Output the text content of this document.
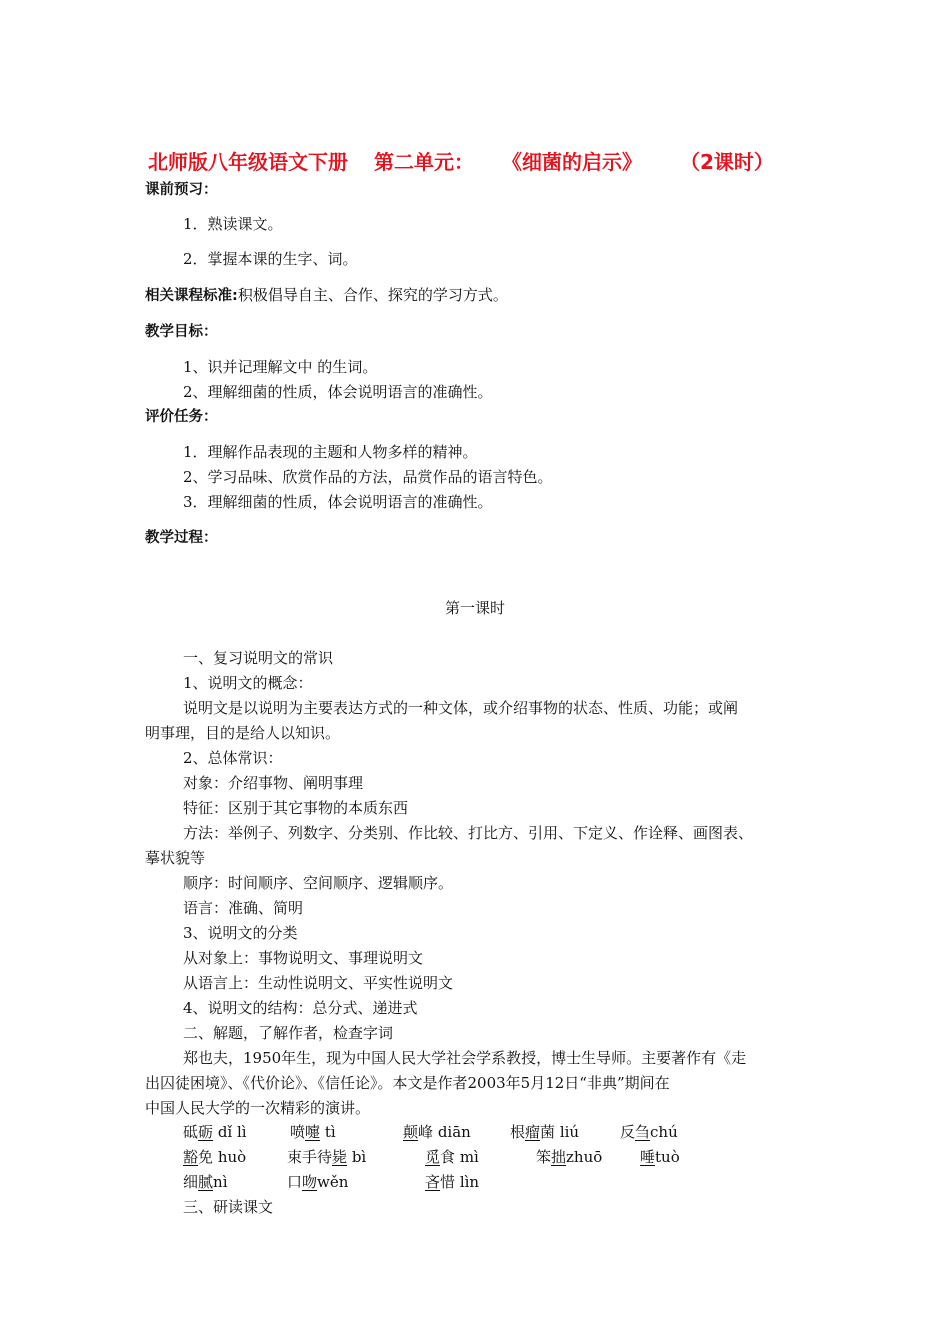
北师版八年级语文下册 第二单元： 《细菌的启示》 （2课时）
课前预习：
1．熟读课文。
2．掌握本课的生字、词。
相关课程标准:积极倡导自主、合作、探究的学习方式。
教学目标：
1、识并记理解文中 的生词。
2、理解细菌的性质，体会说明语言的准确性。
评价任务：
1．理解作品表现的主题和人物多样的精神。
2、学习品味、欣赏作品的方法，品赏作品的语言特色。
3．理解细菌的性质，体会说明语言的准确性。
教学过程：
第一课时
一、复习说明文的常识
1、说明文的概念：
说明文是以说明为主要表达方式的一种文体，或介绍事物的状态、性质、功能；或阐
明事理，目的是给人以知识。
2、总体常识：
对象：介绍事物、阐明事理
特征：区别于其它事物的本质东西
方法：举例子、列数字、分类别、作比较、打比方、引用、下定义、作诠释、画图表、
摹状貌等
顺序：时间顺序、空间顺序、逻辑顺序。
语言：准确、简明
3、说明文的分类
从对象上：事物说明文、事理说明文
从语言上：生动性说明文、平实性说明文
4、说明文的结构：总分式、递进式
二、解题，了解作者，检查字词
郑也夫，1950年生，现为中国人民大学社会学系教授，博士生导师。主要著作有《走
出囚徒困境》、《代价论》、《信任论》。本文是作者2003年5月12日“非典”期间在
中国人民大学的一次精彩的演讲。
砥砺 dǐ lì	喷嚏 tì	颠峰 diān	根瘤菌 liú	反刍chú
豁免 huò	束手待毙 bì	觅食 mì	笨拙zhuō	唾tuò
细腻nì	口吻wěn	吝惜 lìn
三、研读课文
